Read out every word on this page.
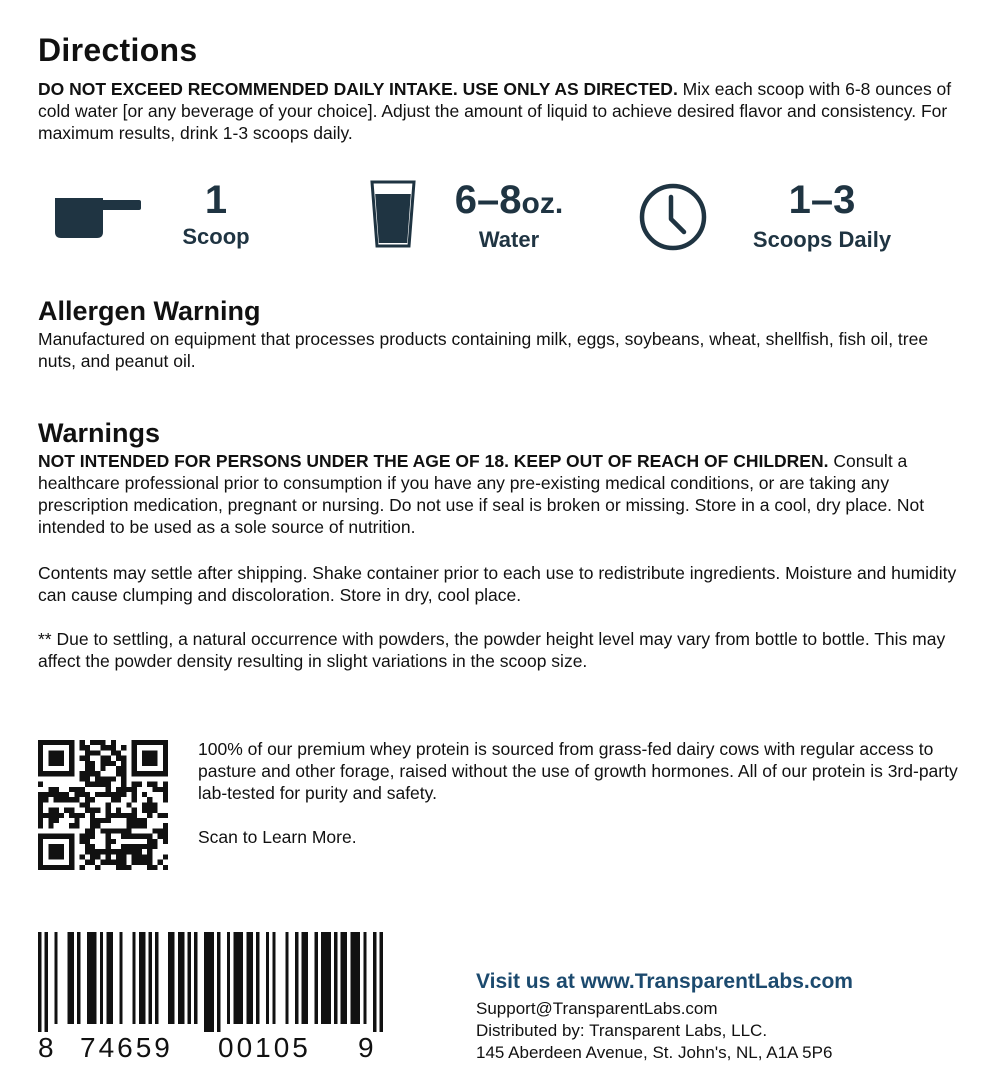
Directions

DO NOT EXCEED RECOMMENDED DAILY INTAKE. USE ONLY AS DIRECTED. Mix each scoop with 6-8 ounces of cold water [or any beverage of your choice]. Adjust the amount of liquid to achieve desired flavor and consistency. For maximum results, drink 1-3 scoops daily.

1
Scoop
6–8oz.
Water
1–3
Scoops Daily
Allergen Warning

Manufactured on equipment that processes products containing milk, eggs, soybeans, wheat, shellfish, fish oil, tree nuts, and peanut oil.

Warnings

NOT INTENDED FOR PERSONS UNDER THE AGE OF 18. KEEP OUT OF REACH OF CHILDREN. Consult a healthcare professional prior to consumption if you have any pre-existing medical conditions, or are taking any prescription medication, pregnant or nursing. Do not use if seal is broken or missing. Store in a cool, dry place. Not intended to be used as a sole source of nutrition.

Contents may settle after shipping. Shake container prior to each use to redistribute ingredients. Moisture and humidity can cause clumping and discoloration. Store in dry, cool place.

** Due to settling, a natural occurrence with powders, the powder height level may vary from bottle to bottle. This may affect the powder density resulting in slight variations in the scoop size.

100% of our premium whey protein is sourced from grass-fed dairy cows with regular access to pasture and other forage, raised without the use of growth hormones. All of our protein is 3rd-party lab-tested for purity and safety.

Scan to Learn More.

8 74659 00105 9

Visit us at www.TransparentLabs.com

Support@TransparentLabs.com

Distributed by: Transparent Labs, LLC.

145 Aberdeen Avenue, St. John's, NL, A1A 5P6
